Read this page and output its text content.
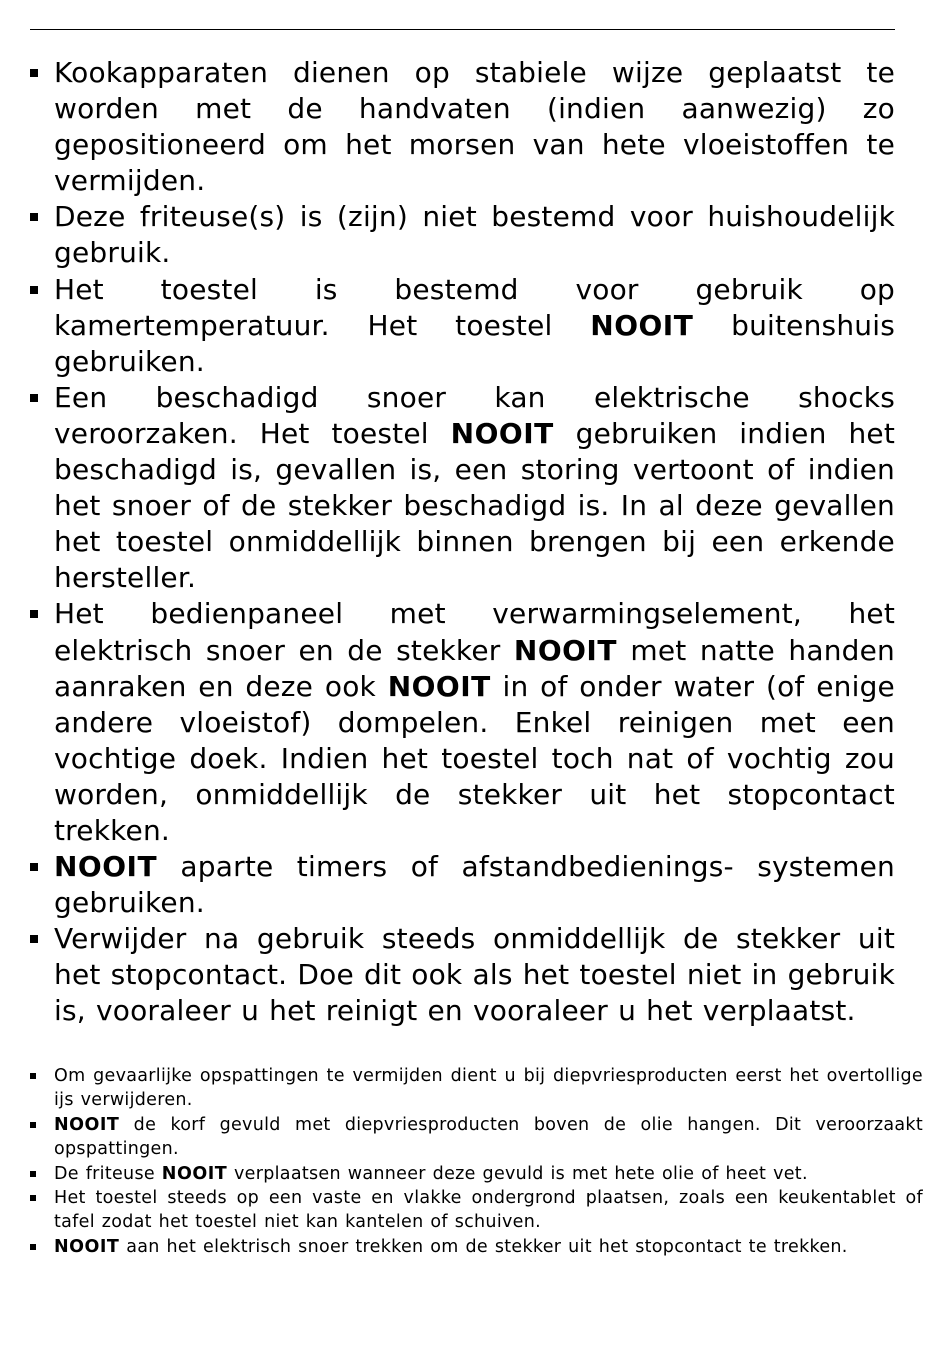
Kookapparaten dienen op stabiele wijze geplaatst te worden met de handvaten (indien aanwezig) zo gepositioneerd om het morsen van hete vloeistoffen te vermijden.
Deze friteuse(s) is (zijn) niet bestemd voor huishoudelijk gebruik.
Het toestel is bestemd voor gebruik op kamertemperatuur. Het toestel NOOIT buitenshuis gebruiken.
Een beschadigd snoer kan elektrische shocks veroorzaken. Het toestel NOOIT gebruiken indien het beschadigd is, gevallen is, een storing vertoont of indien het snoer of de stekker beschadigd is. In al deze gevallen het toestel onmiddellijk binnen brengen bij een erkende hersteller.
Het bedienpaneel met verwarmingselement, het elektrisch snoer en de stekker NOOIT met natte handen aanraken en deze ook NOOIT in of onder water (of enige andere vloeistof) dompelen. Enkel reinigen met een vochtige doek. Indien het toestel toch nat of vochtig zou worden, onmiddellijk de stekker uit het stopcontact trekken.
NOOIT aparte timers of afstandbedienings- systemen gebruiken.
Verwijder na gebruik steeds onmiddellijk de stekker uit het stopcontact. Doe dit ook als het toestel niet in gebruik is, vooraleer u het reinigt en vooraleer u het verplaatst.
Om gevaarlijke opspattingen te vermijden dient u bij diepvriesproducten eerst het overtollige ijs verwijderen.
NOOIT de korf gevuld met diepvriesproducten boven de olie hangen. Dit veroorzaakt opspattingen.
De friteuse NOOIT verplaatsen wanneer deze gevuld is met hete olie of heet vet.
Het toestel steeds op een vaste en vlakke ondergrond plaatsen, zoals een keukentablet of tafel zodat het toestel niet kan kantelen of schuiven.
NOOIT aan het elektrisch snoer trekken om de stekker uit het stopcontact te trekken.
